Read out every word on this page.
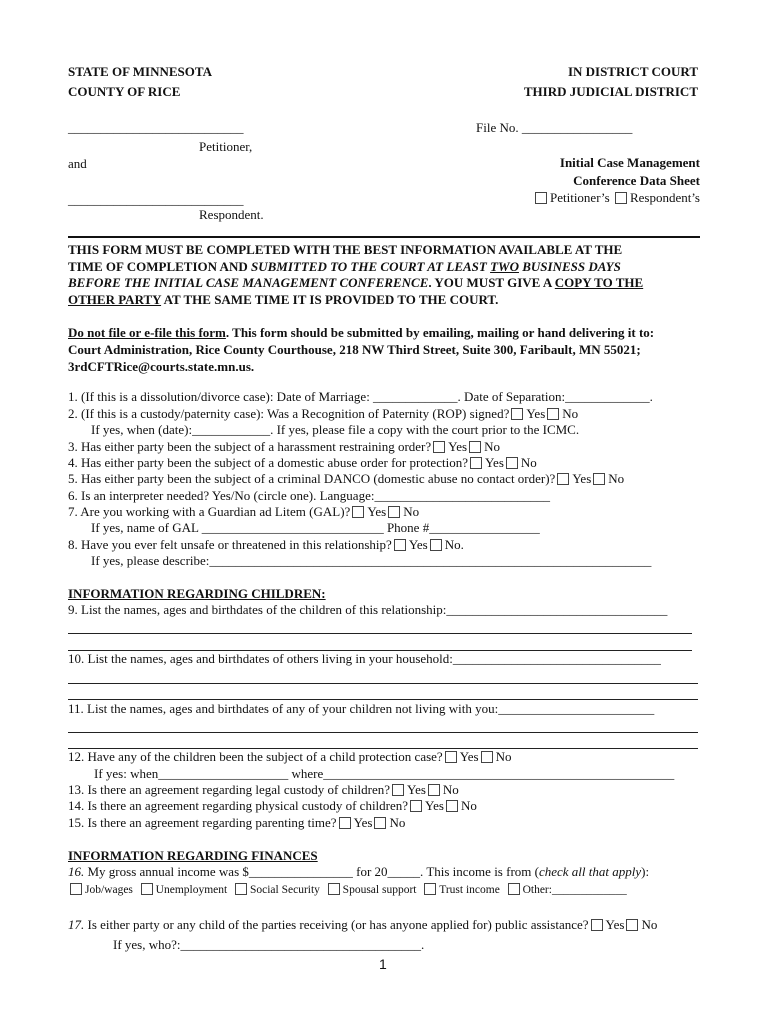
STATE OF MINNESOTA
COUNTY OF RICE
IN DISTRICT COURT
THIRD JUDICIAL DISTRICT
___________________________
Petitioner,
and
___________________________
Respondent.
File No. _________________
Initial Case Management
Conference Data Sheet
Petitioner’s Respondent’s
THIS FORM MUST BE COMPLETED WITH THE BEST INFORMATION AVAILABLE AT THE
TIME OF COMPLETION AND SUBMITTED TO THE COURT AT LEAST TWO BUSINESS DAYS
BEFORE THE INITIAL CASE MANAGEMENT CONFERENCE. YOU MUST GIVE A COPY TO THE
OTHER PARTY AT THE SAME TIME IT IS PROVIDED TO THE COURT.
Do not file or e-file this form. This form should be submitted by emailing, mailing or hand delivering it to:
Court Administration, Rice County Courthouse, 218 NW Third Street, Suite 300, Faribault, MN 55021;
3rdCFTRice@courts.state.mn.us.
1. (If this is a dissolution/divorce case): Date of Marriage: _____________. Date of Separation:_____________.
2. (If this is a custody/paternity case): Was a Recognition of Paternity (ROP) signed? Yes No
If yes, when (date):____________. If yes, please file a copy with the court prior to the ICMC.
3. Has either party been the subject of a harassment restraining order? Yes No
4. Has either party been the subject of a domestic abuse order for protection? Yes No
5. Has either party been the subject of a criminal DANCO (domestic abuse no contact order)? Yes No
6. Is an interpreter needed? Yes/No (circle one). Language:___________________________
7. Are you working with a Guardian ad Litem (GAL)? Yes No
If yes, name of GAL ____________________________ Phone #_________________
8. Have you ever felt unsafe or threatened in this relationship? Yes No.
If yes, please describe:____________________________________________________________________
INFORMATION REGARDING CHILDREN:
9. List the names, ages and birthdates of the children of this relationship:__________________________________
10. List the names, ages and birthdates of others living in your household:________________________________
11. List the names, ages and birthdates of any of your children not living with you:________________________
12. Have any of the children been the subject of a child protection case? Yes No
If yes: when____________________ where______________________________________________________
13. Is there an agreement regarding legal custody of children? Yes No
14. Is there an agreement regarding physical custody of children? Yes No
15. Is there an agreement regarding parenting time? Yes No
INFORMATION REGARDING FINANCES
16. My gross annual income was $________________ for 20_____. This income is from (check all that apply):
Job/wages Unemployment Social Security Spousal support Trust income Other:_____________
17. Is either party or any child of the parties receiving (or has anyone applied for) public assistance? Yes No
If yes, who?:_____________________________________.
1
